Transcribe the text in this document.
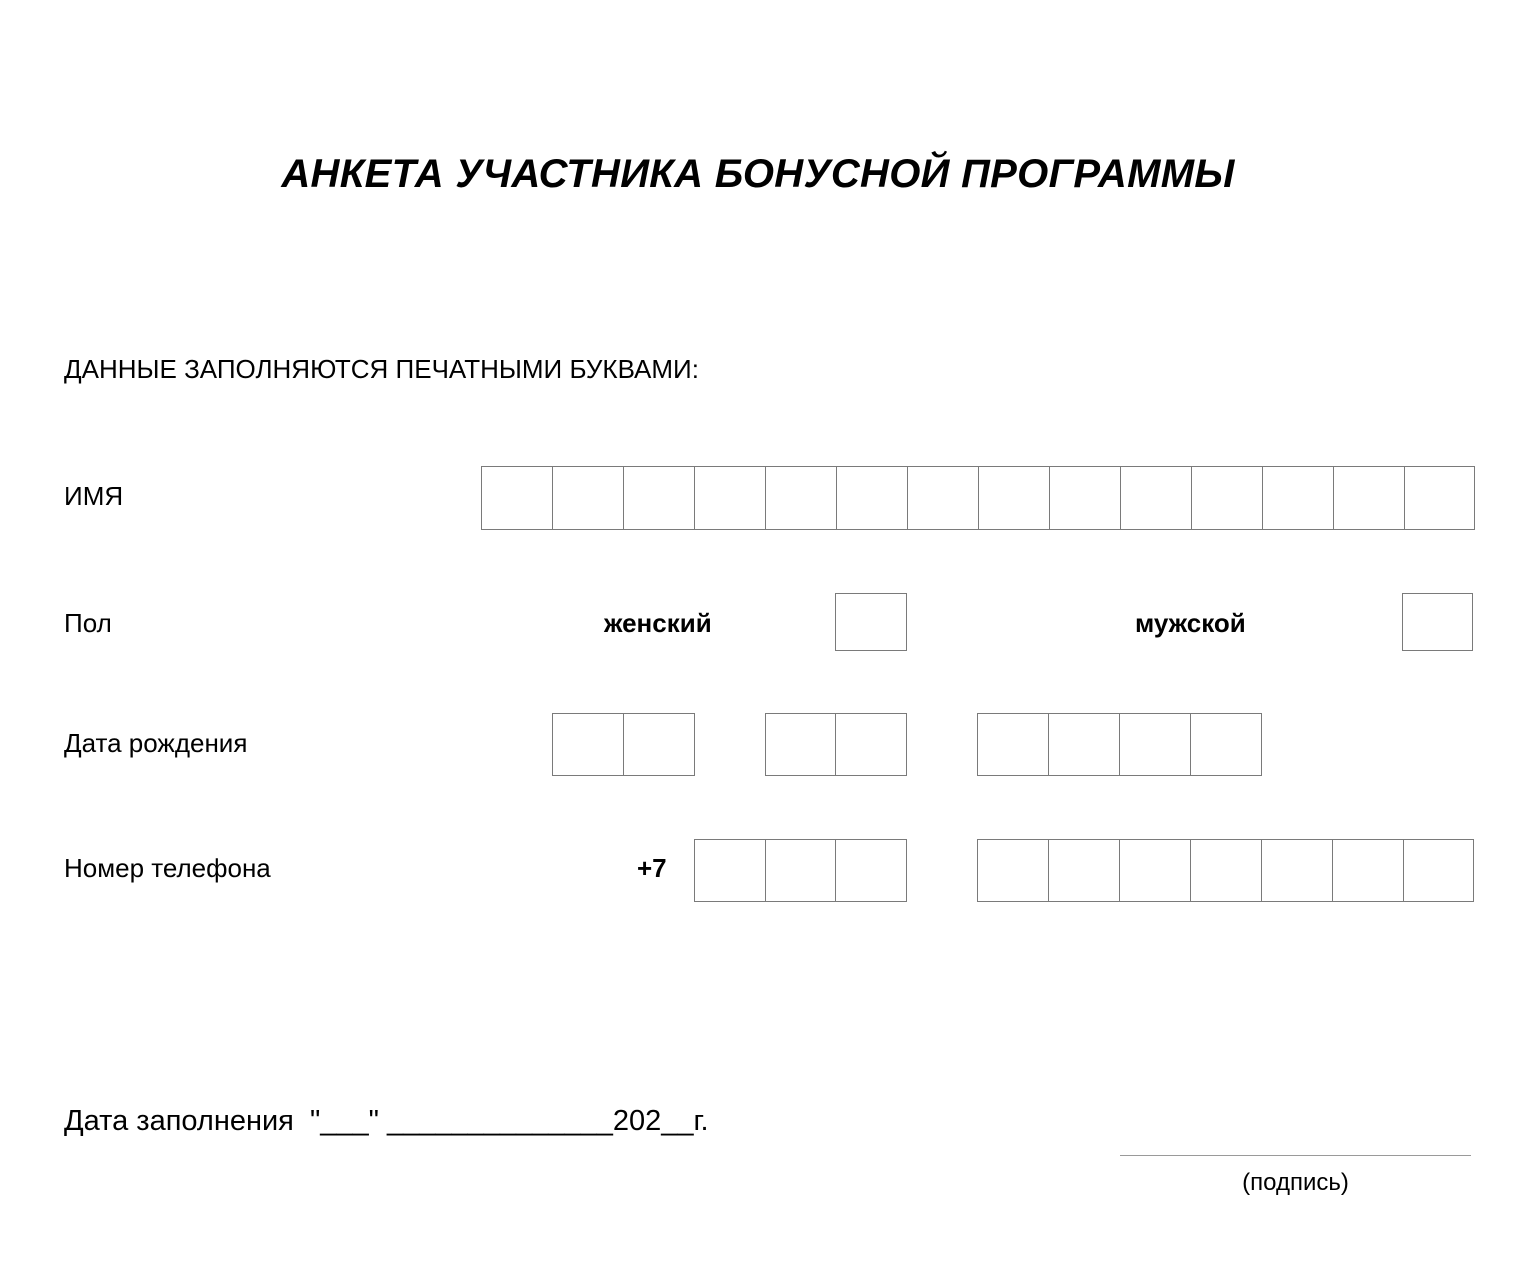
АНКЕТА УЧАСТНИКА БОНУСНОЙ ПРОГРАММЫ
ДАННЫЕ ЗАПОЛНЯЮТСЯ ПЕЧАТНЫМИ БУКВАМИ:
ИМЯ
Пол	женский	мужской
Дата рождения
Номер телефона	+7
Дата заполнения  "___" ______________202__г.
(подпись)
